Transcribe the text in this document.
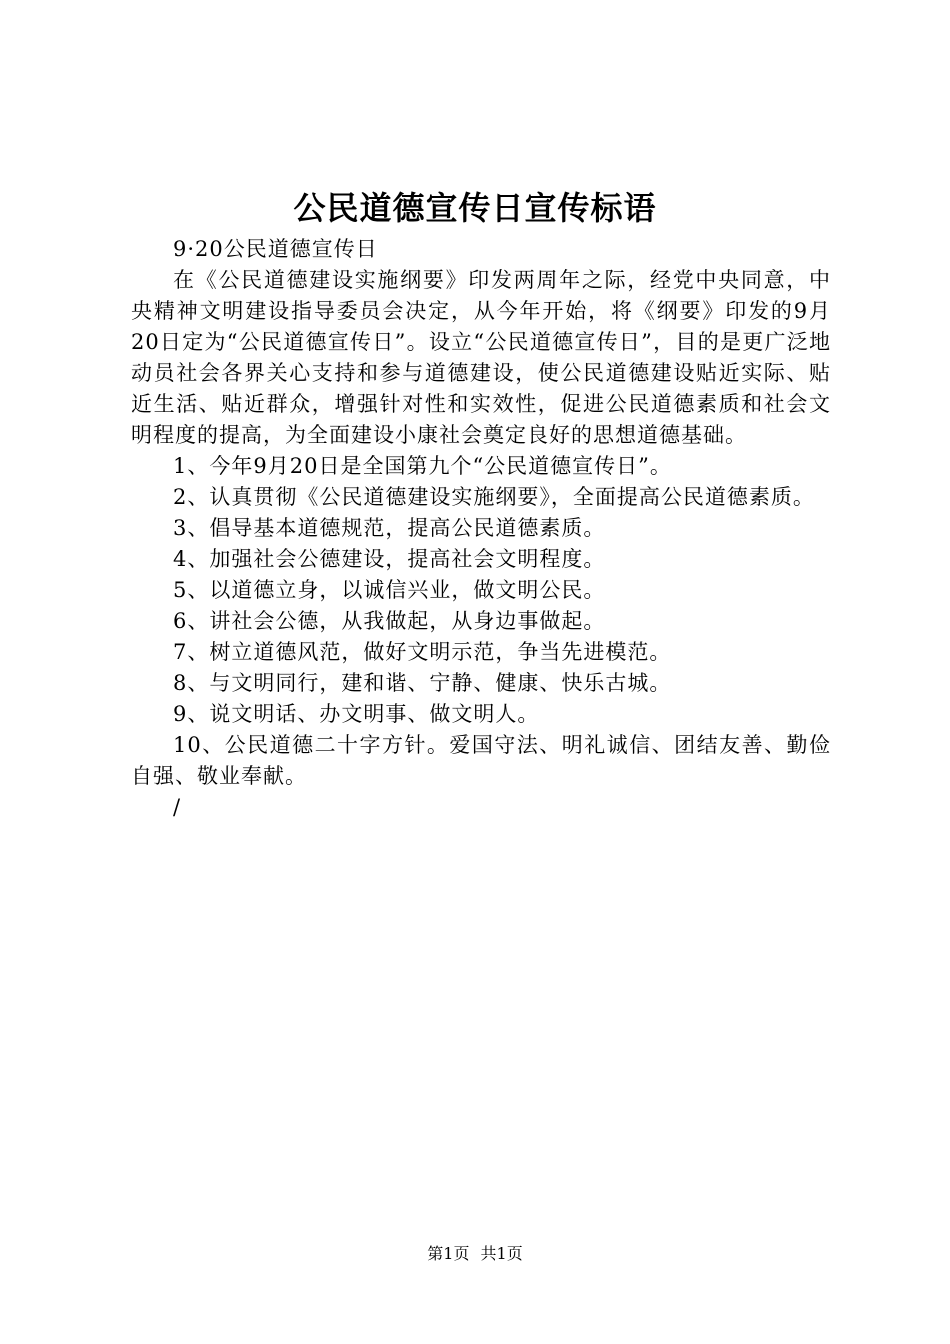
公民道德宣传日宣传标语

9·20公民道德宣传日

在《公民道德建设实施纲要》印发两周年之际，经党中央同意，中央精神文明建设指导委员会决定，从今年开始，将《纲要》印发的9月20日定为“公民道德宣传日”。设立“公民道德宣传日”，目的是更广泛地动员社会各界关心支持和参与道德建设，使公民道德建设贴近实际、贴近生活、贴近群众，增强针对性和实效性，促进公民道德素质和社会文明程度的提高，为全面建设小康社会奠定良好的思想道德基础。

1、今年9月20日是全国第九个“公民道德宣传日”。

2、认真贯彻《公民道德建设实施纲要》，全面提高公民道德素质。

3、倡导基本道德规范，提高公民道德素质。

4、加强社会公德建设，提高社会文明程度。

5、以道德立身，以诚信兴业，做文明公民。

6、讲社会公德，从我做起，从身边事做起。

7、树立道德风范，做好文明示范，争当先进模范。

8、与文明同行，建和谐、宁静、健康、快乐古城。

9、说文明话、办文明事、做文明人。

10、公民道德二十字方针。爱国守法、明礼诚信、团结友善、勤俭自强、敬业奉献。

/

第1页 共1页
